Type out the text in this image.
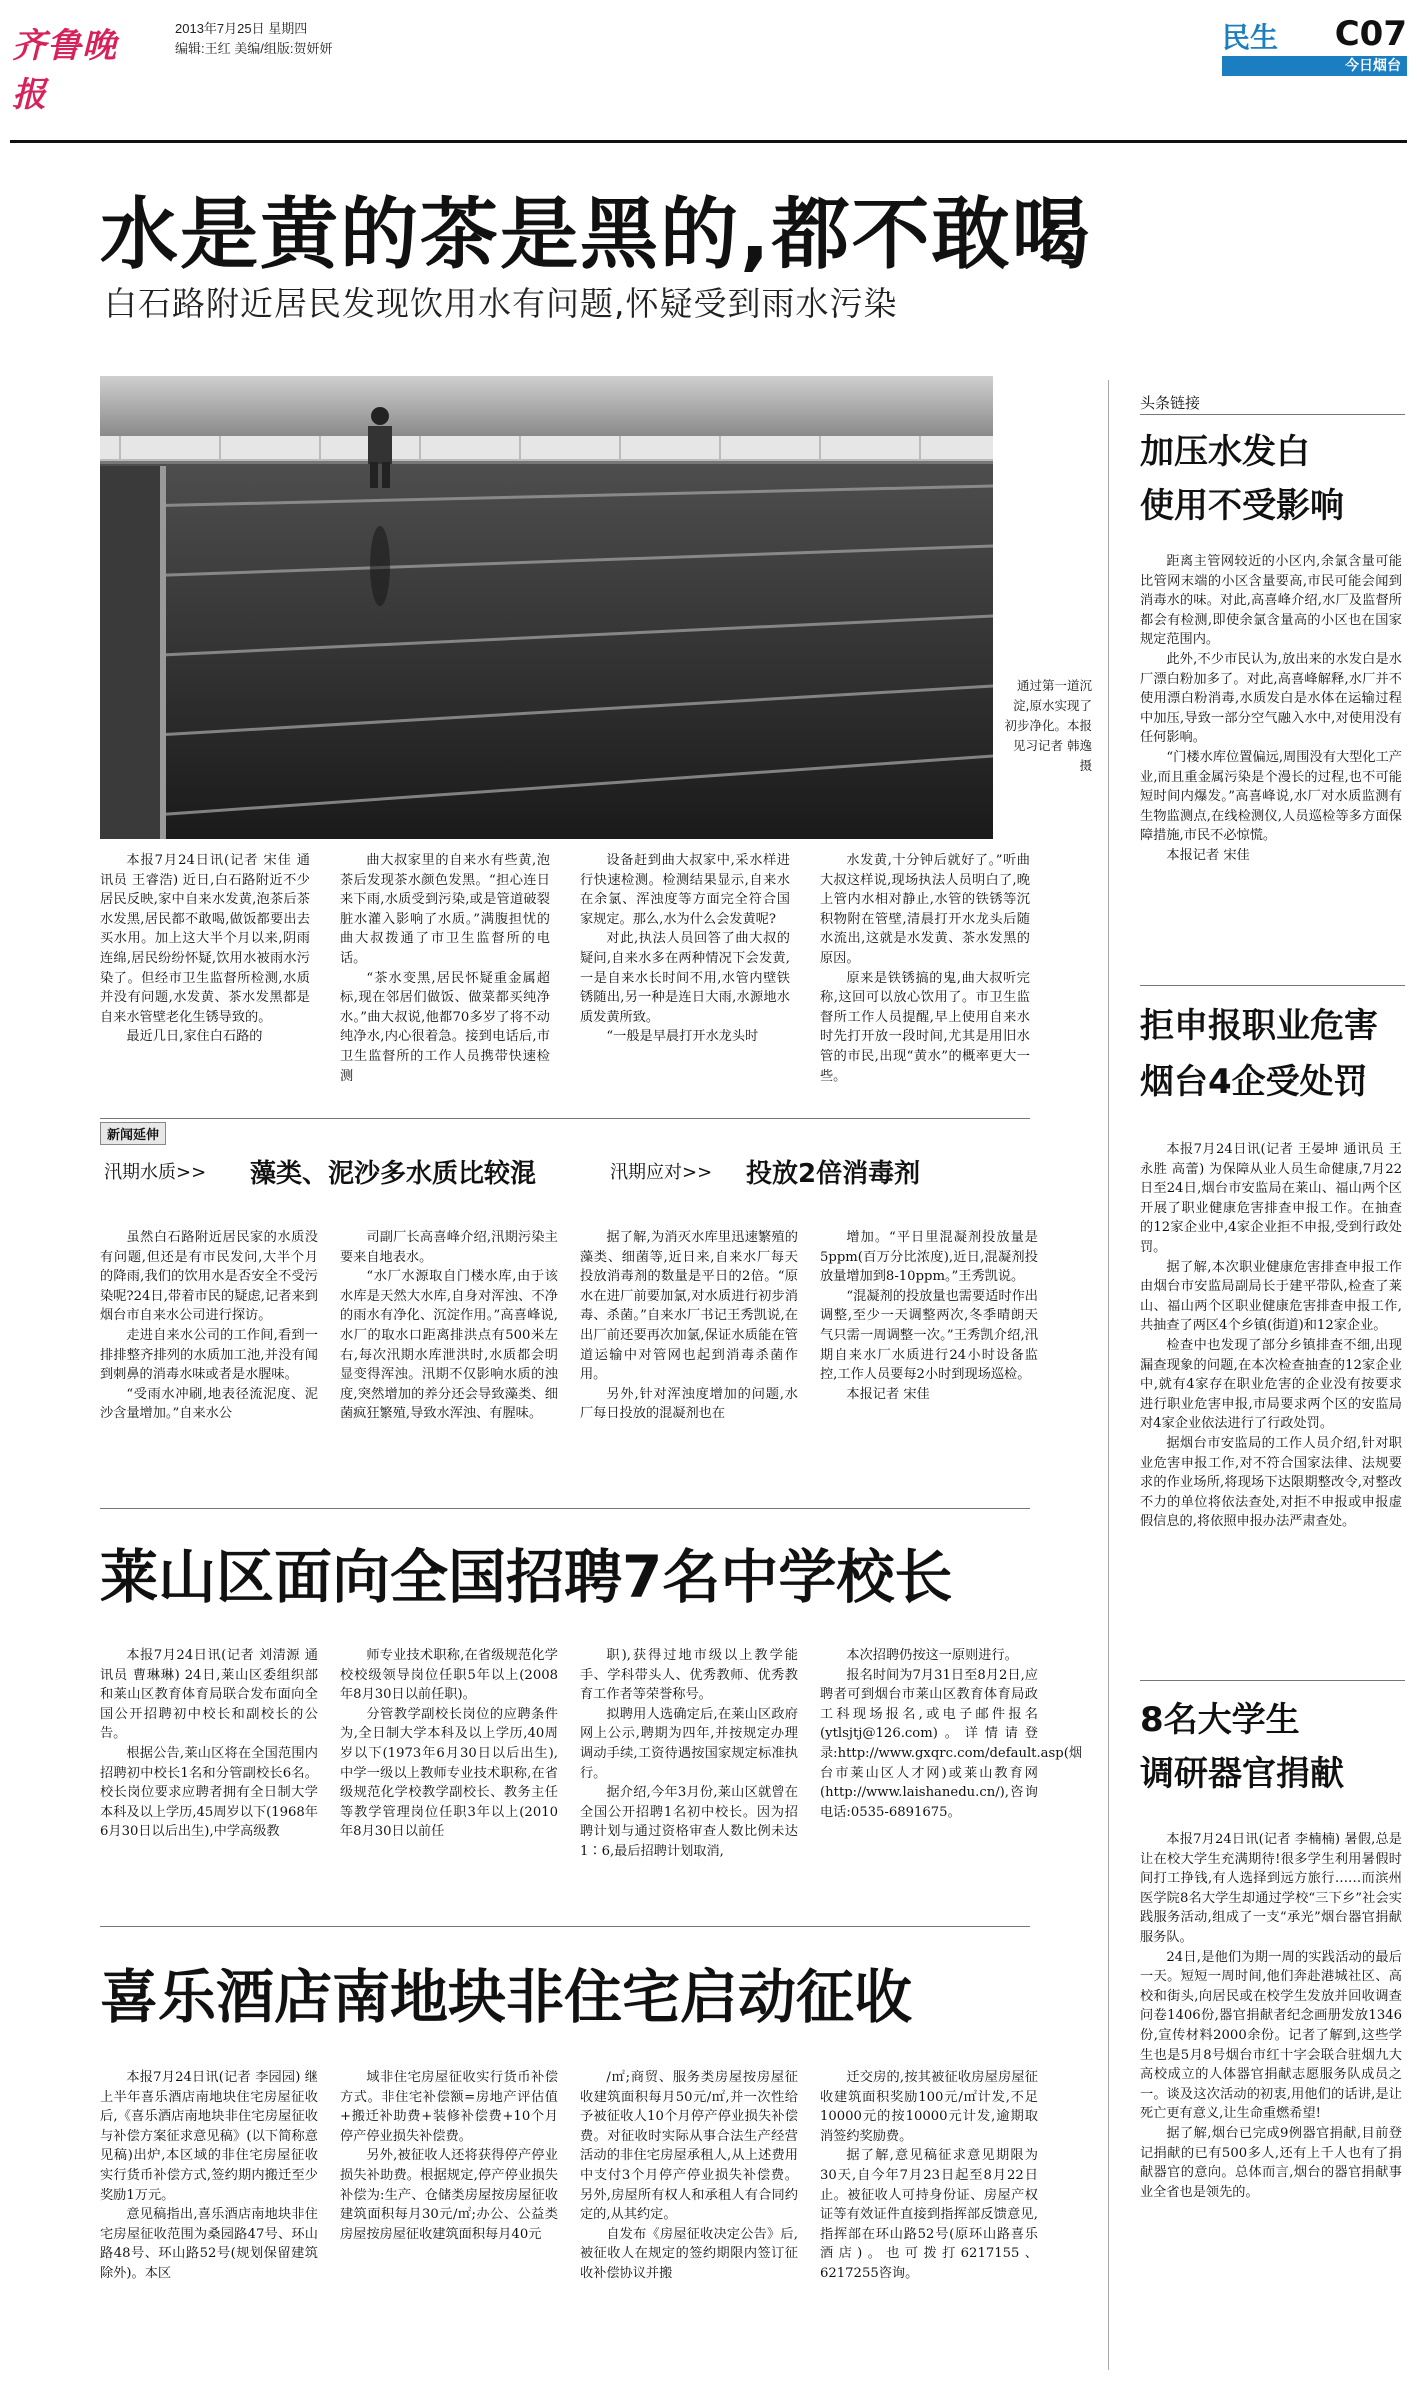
齐鲁晚报
2013年7月25日 星期四
编辑:王红 美编/组版:贺妍妍	民生 C07
今日烟台
水是黄的茶是黑的,都不敢喝
白石路附近居民发现饮用水有问题,怀疑受到雨水污染
通过第一道沉淀,原水实现了初步净化。本报见习记者 韩逸 摄

本报7月24日讯(记者 宋佳 通讯员 王睿浩) 近日,白石路附近不少居民反映,家中自来水发黄,泡茶后茶水发黑,居民都不敢喝,做饭都要出去买水用。加上这大半个月以来,阴雨连绵,居民纷纷怀疑,饮用水被雨水污染了。但经市卫生监督所检测,水质并没有问题,水发黄、茶水发黑都是自来水管壁老化生锈导致的。

最近几日,家住白石路的

曲大叔家里的自来水有些黄,泡茶后发现茶水颜色发黑。“担心连日来下雨,水质受到污染,或是管道破裂脏水灌入影响了水质。”满腹担忧的曲大叔拨通了市卫生监督所的电话。

“茶水变黑,居民怀疑重金属超标,现在邻居们做饭、做菜都买纯净水。”曲大叔说,他都70多岁了将不动纯净水,内心很着急。接到电话后,市卫生监督所的工作人员携带快速检测

设备赶到曲大叔家中,采水样进行快速检测。检测结果显示,自来水在余氯、浑浊度等方面完全符合国家规定。那么,水为什么会发黄呢?

对此,执法人员回答了曲大叔的疑问,自来水多在两种情况下会发黄,一是自来水长时间不用,水管内壁铁锈随出,另一种是连日大雨,水源地水质发黄所致。

“一般是早晨打开水龙头时

水发黄,十分钟后就好了。”听曲大叔这样说,现场执法人员明白了,晚上管内水相对静止,水管的铁锈等沉积物附在管壁,清晨打开水龙头后随水流出,这就是水发黄、茶水发黑的原因。

原来是铁锈搞的鬼,曲大叔听完称,这回可以放心饮用了。市卫生监督所工作人员提醒,早上使用自来水时先打开放一段时间,尤其是用旧水管的市民,出现“黄水”的概率更大一些。

新闻延伸
汛期水质>> 藻类、泥沙多水质比较混	汛期应对>> 投放2倍消毒剂

虽然白石路附近居民家的水质没有问题,但还是有市民发问,大半个月的降雨,我们的饮用水是否安全不受污染呢?24日,带着市民的疑虑,记者来到烟台市自来水公司进行探访。

走进自来水公司的工作间,看到一排排整齐排列的水质加工池,并没有闻到刺鼻的消毒水味或者是水腥味。

“受雨水冲刷,地表径流泥度、泥沙含量增加。”自来水公

司副厂长高喜峰介绍,汛期污染主要来自地表水。

“水厂水源取自门楼水库,由于该水库是天然大水库,自身对浑浊、不净的雨水有净化、沉淀作用。”高喜峰说,水厂的取水口距离排洪点有500米左右,每次汛期水库泄洪时,水质都会明显变得浑浊。汛期不仅影响水质的浊度,突然增加的养分还会导致藻类、细菌疯狂繁殖,导致水浑浊、有腥味。

据了解,为消灭水库里迅速繁殖的藻类、细菌等,近日来,自来水厂每天投放消毒剂的数量是平日的2倍。“原水在进厂前要加氯,对水质进行初步消毒、杀菌。”自来水厂书记王秀凯说,在出厂前还要再次加氯,保证水质能在管道运输中对管网也起到消毒杀菌作用。

另外,针对浑浊度增加的问题,水厂每日投放的混凝剂也在

增加。“平日里混凝剂投放量是5ppm(百万分比浓度),近日,混凝剂投放量增加到8-10ppm。”王秀凯说。

“混凝剂的投放量也需要适时作出调整,至少一天调整两次,冬季晴朗天气只需一周调整一次。”王秀凯介绍,汛期自来水厂水质进行24小时设备监控,工作人员要每2小时到现场巡检。

本报记者 宋佳

莱山区面向全国招聘7名中学校长

本报7月24日讯(记者 刘清源 通讯员 曹琳琳) 24日,莱山区委组织部和莱山区教育体育局联合发布面向全国公开招聘初中校长和副校长的公告。

根据公告,莱山区将在全国范围内招聘初中校长1名和分管副校长6名。校长岗位要求应聘者拥有全日制大学本科及以上学历,45周岁以下(1968年6月30日以后出生),中学高级教

师专业技术职称,在省级规范化学校校级领导岗位任职5年以上(2008年8月30日以前任职)。

分管教学副校长岗位的应聘条件为,全日制大学本科及以上学历,40周岁以下(1973年6月30日以后出生),中学一级以上教师专业技术职称,在省级规范化学校教学副校长、教务主任等教学管理岗位任职3年以上(2010年8月30日以前任

职),获得过地市级以上教学能手、学科带头人、优秀教师、优秀教育工作者等荣誉称号。

拟聘用人选确定后,在莱山区政府网上公示,聘期为四年,并按规定办理调动手续,工资待遇按国家规定标准执行。

据介绍,今年3月份,莱山区就曾在全国公开招聘1名初中校长。因为招聘计划与通过资格审查人数比例未达1∶6,最后招聘计划取消,

本次招聘仍按这一原则进行。

报名时间为7月31日至8月2日,应聘者可到烟台市莱山区教育体育局政工科现场报名,或电子邮件报名(ytlsjtj@126.com)。详情请登录:http://www.gxqrc.com/default.asp(烟台市莱山区人才网)或莱山教育网(http://www.laishanedu.cn/),咨询电话:0535-6891675。

喜乐酒店南地块非住宅启动征收

本报7月24日讯(记者 李园园) 继上半年喜乐酒店南地块住宅房屋征收后,《喜乐酒店南地块非住宅房屋征收与补偿方案征求意见稿》(以下简称意见稿)出炉,本区域的非住宅房屋征收实行货币补偿方式,签约期内搬迁至少奖励1万元。

意见稿指出,喜乐酒店南地块非住宅房屋征收范围为桑园路47号、环山路48号、环山路52号(规划保留建筑除外)。本区

域非住宅房屋征收实行货币补偿方式。非住宅补偿额=房地产评估值+搬迁补助费+装修补偿费+10个月停产停业损失补偿费。

另外,被征收人还将获得停产停业损失补助费。根据规定,停产停业损失补偿为:生产、仓储类房屋按房屋征收建筑面积每月30元/㎡;办公、公益类房屋按房屋征收建筑面积每月40元

/㎡;商贸、服务类房屋按房屋征收建筑面积每月50元/㎡,并一次性给予被征收人10个月停产停业损失补偿费。对征收时实际从事合法生产经营活动的非住宅房屋承租人,从上述费用中支付3个月停产停业损失补偿费。另外,房屋所有权人和承租人有合同约定的,从其约定。

自发布《房屋征收决定公告》后,被征收人在规定的签约期限内签订征收补偿协议并搬

迁交房的,按其被征收房屋房屋征收建筑面积奖励100元/㎡计发,不足10000元的按10000元计发,逾期取消签约奖励费。

据了解,意见稿征求意见期限为30天,自今年7月23日起至8月22日止。被征收人可持身份证、房屋产权证等有效证件直接到指挥部反馈意见,指挥部在环山路52号(原环山路喜乐酒店)。也可拨打6217155、6217255咨询。

头条链接
加压水发白
使用不受影响

距离主管网较近的小区内,余氯含量可能比管网末端的小区含量要高,市民可能会闻到消毒水的味。对此,高喜峰介绍,水厂及监督所都会有检测,即使余氯含量高的小区也在国家规定范围内。

此外,不少市民认为,放出来的水发白是水厂漂白粉加多了。对此,高喜峰解释,水厂并不使用漂白粉消毒,水质发白是水体在运输过程中加压,导致一部分空气融入水中,对使用没有任何影响。

“门楼水库位置偏远,周围没有大型化工产业,而且重金属污染是个漫长的过程,也不可能短时间内爆发。”高喜峰说,水厂对水质监测有生物监测点,在线检测仪,人员巡检等多方面保障措施,市民不必惊慌。

本报记者 宋佳

拒申报职业危害
烟台4企受处罚

本报7月24日讯(记者 王晏坤 通讯员 王永胜 高蕾) 为保障从业人员生命健康,7月22日至24日,烟台市安监局在莱山、福山两个区开展了职业健康危害排查申报工作。在抽查的12家企业中,4家企业拒不申报,受到行政处罚。

据了解,本次职业健康危害排查申报工作由烟台市安监局副局长于建平带队,检查了莱山、福山两个区职业健康危害排查申报工作,共抽查了两区4个乡镇(街道)和12家企业。

检查中也发现了部分乡镇排查不细,出现漏查现象的问题,在本次检查抽查的12家企业中,就有4家存在职业危害的企业没有按要求进行职业危害申报,市局要求两个区的安监局对4家企业依法进行了行政处罚。

据烟台市安监局的工作人员介绍,针对职业危害申报工作,对不符合国家法律、法规要求的作业场所,将现场下达限期整改令,对整改不力的单位将依法查处,对拒不申报或申报虚假信息的,将依照申报办法严肃查处。

8名大学生
调研器官捐献

本报7月24日讯(记者 李楠楠) 暑假,总是让在校大学生充满期待!很多学生利用暑假时间打工挣钱,有人选择到远方旅行……而滨州医学院8名大学生却通过学校“三下乡”社会实践服务活动,组成了一支“承光”烟台器官捐献服务队。

24日,是他们为期一周的实践活动的最后一天。短短一周时间,他们奔赴港城社区、高校和街头,向居民或在校学生发放并回收调查问卷1406份,器官捐献者纪念画册发放1346份,宣传材料2000余份。记者了解到,这些学生也是5月8号烟台市红十字会联合驻烟九大高校成立的人体器官捐献志愿服务队成员之一。谈及这次活动的初衷,用他们的话讲,是让死亡更有意义,让生命重燃希望!

据了解,烟台已完成9例器官捐献,目前登记捐献的已有500多人,还有上千人也有了捐献器官的意向。总体而言,烟台的器官捐献事业全省也是领先的。
